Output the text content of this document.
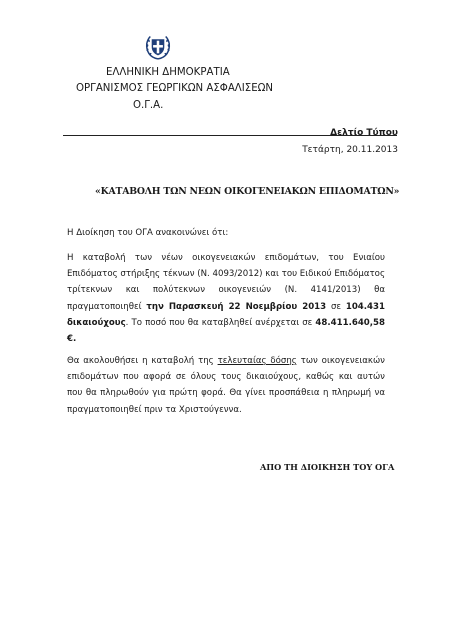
ΕΛΛΗΝΙΚΗ ΔΗΜΟΚΡΑΤΙΑ
ΟΡΓΑΝΙΣΜΟΣ ΓΕΩΡΓΙΚΩΝ ΑΣΦΑΛΙΣΕΩΝ
Ο.Γ.Α.
Δελτίο Τύπου
Τετάρτη, 20.11.2013
«ΚΑΤΑΒΟΛΗ ΤΩΝ ΝΕΩΝ ΟΙΚΟΓΕΝΕΙΑΚΩΝ ΕΠΙΔΟΜΑΤΩΝ»
Η Διοίκηση του ΟΓΑ ανακοινώνει ότι:
Η καταβολή των νέων οικογενειακών επιδομάτων, του Ενιαίου Επιδόματος στήριξης τέκνων (Ν. 4093/2012) και του Ειδικού Επιδόματος τρίτεκνων και πολύτεκνων οικογενειών (Ν. 4141/2013) θα πραγματοποιηθεί την Παρασκευή 22 Νοεμβρίου 2013 σε 104.431 δικαιούχους. Το ποσό που θα καταβληθεί ανέρχεται σε 48.411.640,58 €.
Θα ακολουθήσει η καταβολή της τελευταίας δόσης των οικογενειακών επιδομάτων που αφορά σε όλους τους δικαιούχους, καθώς και αυτών που θα πληρωθούν για πρώτη φορά. Θα γίνει προσπάθεια η πληρωμή να πραγματοποιηθεί πριν τα Χριστούγεννα.
ΑΠΟ ΤΗ ΔΙΟΙΚΗΣΗ ΤΟΥ ΟΓΑ
